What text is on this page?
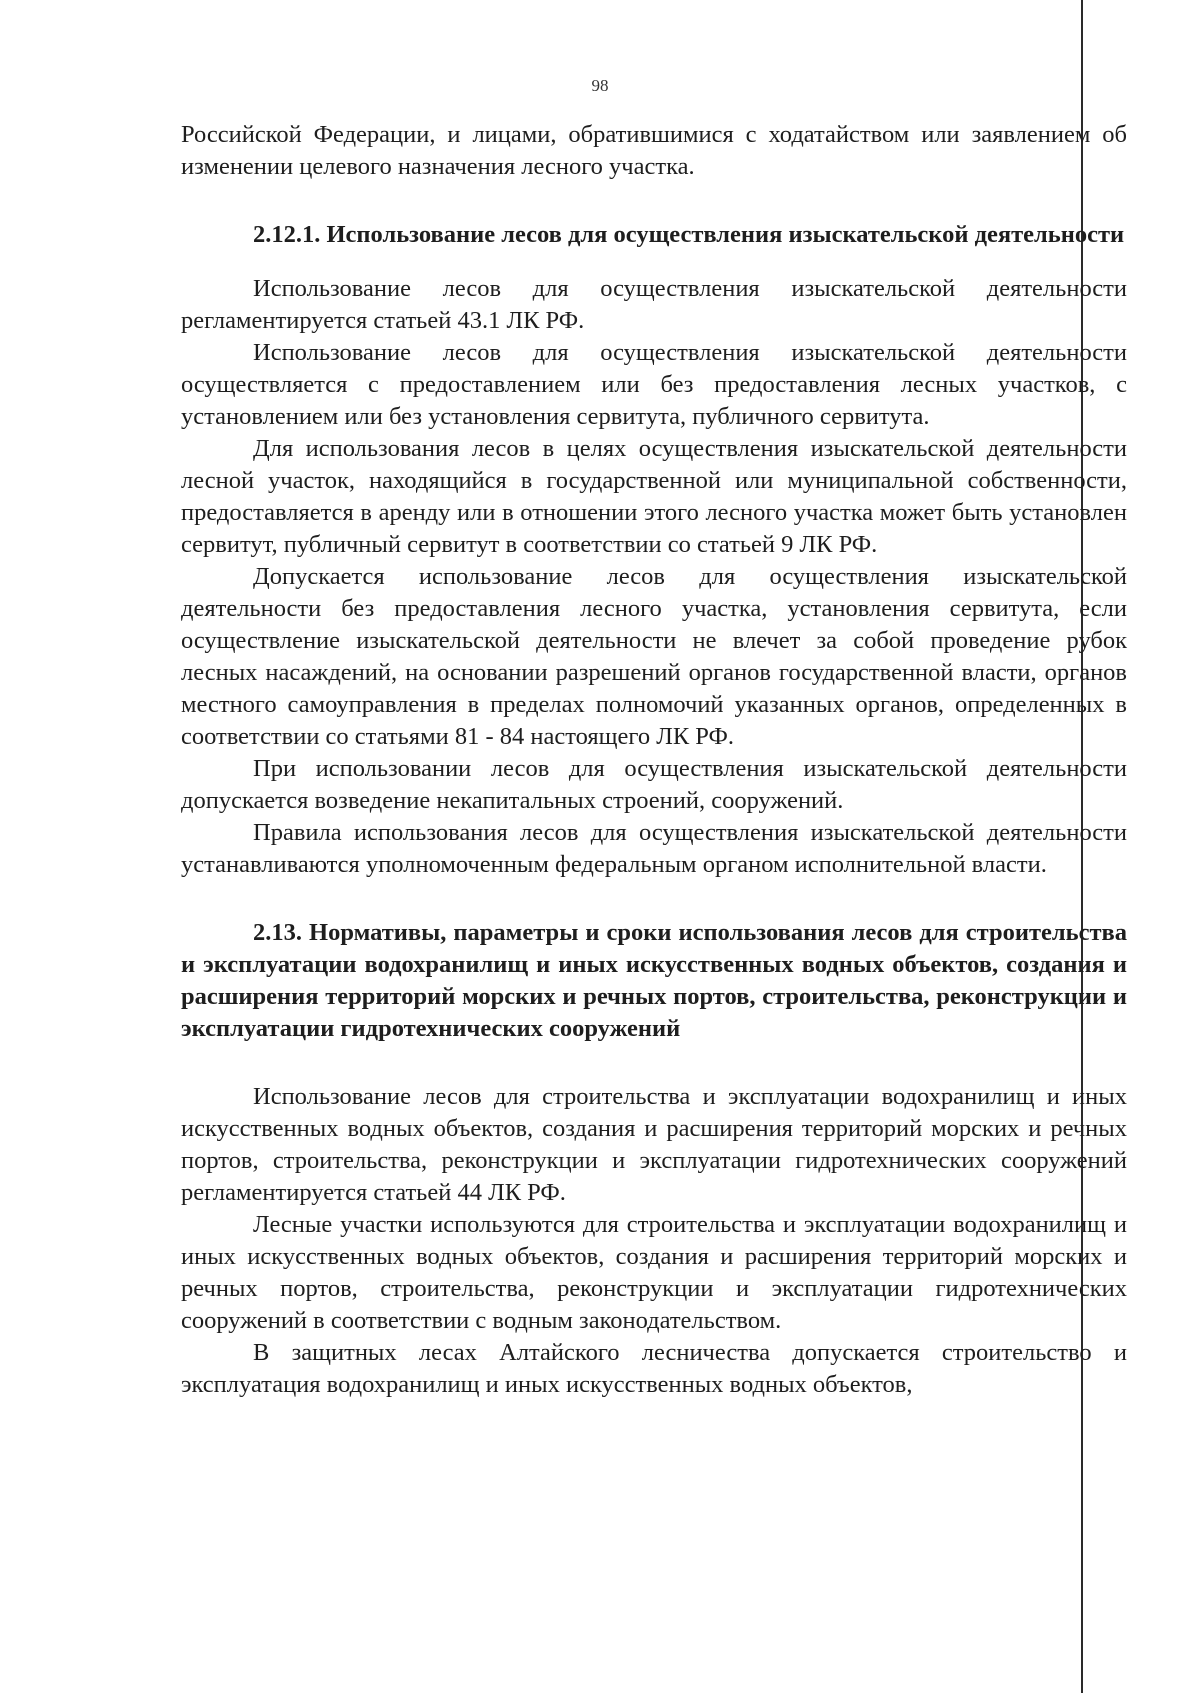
98

Российской Федерации, и лицами, обратившимися с ходатайством или заявлением об изменении целевого назначения лесного участка.

2.12.1. Использование лесов для осуществления изыскательской деятельности

Использование лесов для осуществления изыскательской деятельности регламентируется статьей 43.1 ЛК РФ.

Использование лесов для осуществления изыскательской деятельности осуществляется с предоставлением или без предоставления лесных участков, с установлением или без установления сервитута, публичного сервитута.

Для использования лесов в целях осуществления изыскательской деятельности лесной участок, находящийся в государственной или муниципальной собственности, предоставляется в аренду или в отношении этого лесного участка может быть установлен сервитут, публичный сервитут в соответствии со статьей 9 ЛК РФ.

Допускается использование лесов для осуществления изыскательской деятельности без предоставления лесного участка, установления сервитута, если осуществление изыскательской деятельности не влечет за собой проведение рубок лесных насаждений, на основании разрешений органов государственной власти, органов местного самоуправления в пределах полномочий указанных органов, определенных в соответствии со статьями 81 - 84 настоящего ЛК РФ.

При использовании лесов для осуществления изыскательской деятельности допускается возведение некапитальных строений, сооружений.

Правила использования лесов для осуществления изыскательской деятельности устанавливаются уполномоченным федеральным органом исполнительной власти.

2.13. Нормативы, параметры и сроки использования лесов для строительства и эксплуатации водохранилищ и иных искусственных водных объектов, создания и расширения территорий морских и речных портов, строительства, реконструкции и эксплуатации гидротехнических сооружений

Использование лесов для строительства и эксплуатации водохранилищ и иных искусственных водных объектов, создания и расширения территорий морских и речных портов, строительства, реконструкции и эксплуатации гидротехнических сооружений регламентируется статьей 44 ЛК РФ.

Лесные участки используются для строительства и эксплуатации водохранилищ и иных искусственных водных объектов, создания и расширения территорий морских и речных портов, строительства, реконструкции и эксплуатации гидротехнических сооружений в соответствии с водным законодательством.

В защитных лесах Алтайского лесничества допускается строительство и эксплуатация водохранилищ и иных искусственных водных объектов,
